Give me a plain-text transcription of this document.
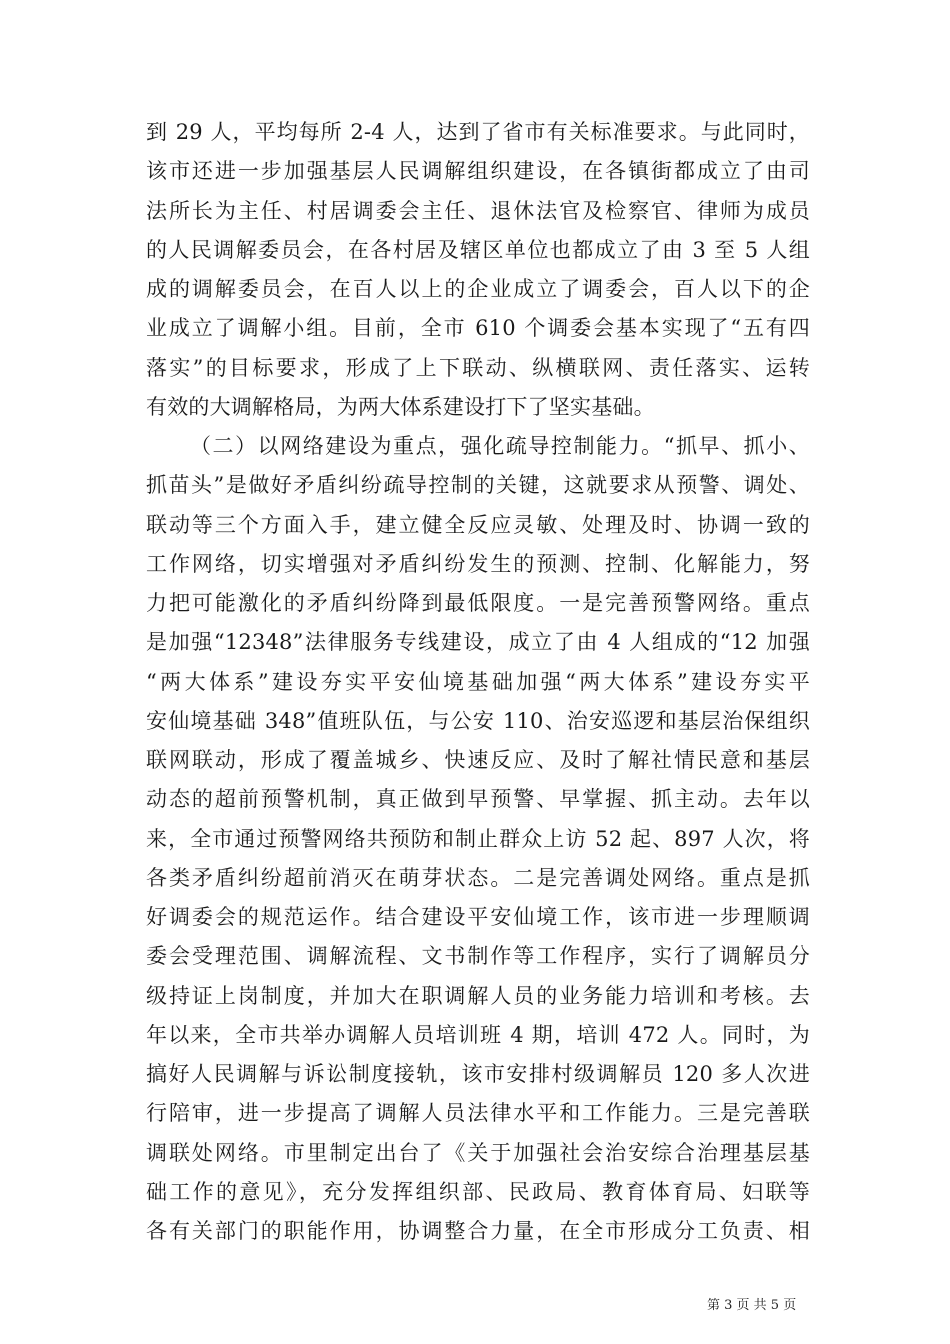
到 29 人，平均每所 2-4 人，达到了省市有关标准要求。与此同时，
该市还进一步加强基层人民调解组织建设，在各镇街都成立了由司
法所长为主任、村居调委会主任、退休法官及检察官、律师为成员
的人民调解委员会，在各村居及辖区单位也都成立了由 3 至 5 人组
成的调解委员会，在百人以上的企业成立了调委会，百人以下的企
业成立了调解小组。目前，全市 610 个调委会基本实现了“五有四
落实”的目标要求，形成了上下联动、纵横联网、责任落实、运转
有效的大调解格局，为两大体系建设打下了坚实基础。
（二）以网络建设为重点，强化疏导控制能力。“抓早、抓小、
抓苗头”是做好矛盾纠纷疏导控制的关键，这就要求从预警、调处、
联动等三个方面入手，建立健全反应灵敏、处理及时、协调一致的
工作网络，切实增强对矛盾纠纷发生的预测、控制、化解能力，努
力把可能激化的矛盾纠纷降到最低限度。一是完善预警网络。重点
是加强“12348”法律服务专线建设，成立了由 4 人组成的“12 加强
“两大体系”建设夯实平安仙境基础加强“两大体系”建设夯实平
安仙境基础 348”值班队伍，与公安 110、治安巡逻和基层治保组织
联网联动，形成了覆盖城乡、快速反应、及时了解社情民意和基层
动态的超前预警机制，真正做到早预警、早掌握、抓主动。去年以
来，全市通过预警网络共预防和制止群众上访 52 起、897 人次，将
各类矛盾纠纷超前消灭在萌芽状态。二是完善调处网络。重点是抓
好调委会的规范运作。结合建设平安仙境工作，该市进一步理顺调
委会受理范围、调解流程、文书制作等工作程序，实行了调解员分
级持证上岗制度，并加大在职调解人员的业务能力培训和考核。去
年以来，全市共举办调解人员培训班 4 期，培训 472 人。同时，为
搞好人民调解与诉讼制度接轨，该市安排村级调解员 120 多人次进
行陪审，进一步提高了调解人员法律水平和工作能力。三是完善联
调联处网络。市里制定出台了《关于加强社会治安综合治理基层基
础工作的意见》，充分发挥组织部、民政局、教育体育局、妇联等
各有关部门的职能作用，协调整合力量，在全市形成分工负责、相
第 3 页 共 5 页
